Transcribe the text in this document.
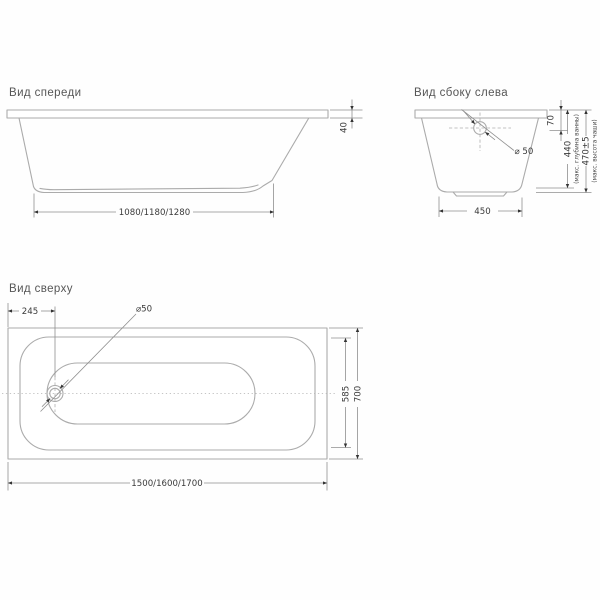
Вид спереди
1080/1180/1280
40
Вид сбоку слева
⌀ 50
450
70
440 (макс. глубина ванны) 470±5 (макс. высота чаши)
Вид сверху
245	⌀50
585 700
1500/1600/1700
